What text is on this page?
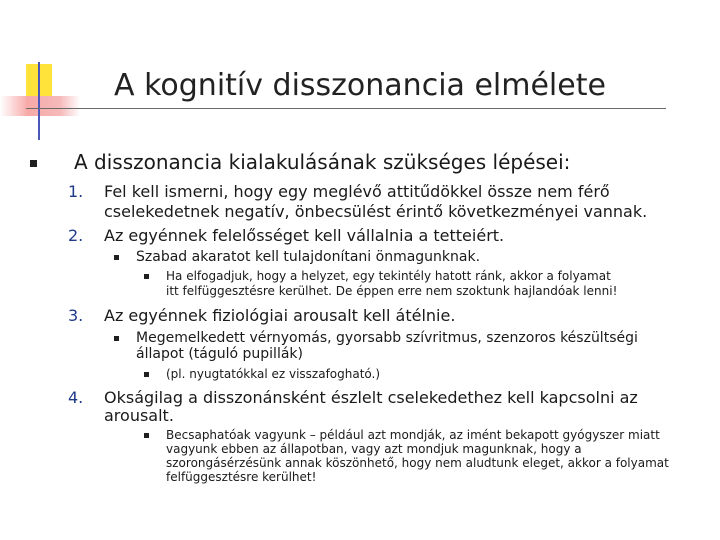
A kognitív disszonancia elmélete
A disszonancia kialakulásának szükséges lépései:
1. Fel kell ismerni, hogy egy meglévő attitűdökkel össze nem férő
cselekedetnek negatív, önbecsülést érintő következményei vannak.
2. Az egyénnek felelősséget kell vállalnia a tetteiért.
Szabad akaratot kell tulajdonítani önmagunknak.
Ha elfogadjuk, hogy a helyzet, egy tekintély hatott ránk, akkor a folyamat
itt felfüggesztésre kerülhet. De éppen erre nem szoktunk hajlandóak lenni!
3. Az egyénnek fiziológiai arousalt kell átélnie.
Megemelkedett vérnyomás, gyorsabb szívritmus, szenzoros készültségi
állapot (táguló pupillák)
(pl. nyugtatókkal ez visszafogható.)
4. Okságilag a disszonánsként észlelt cselekedethez kell kapcsolni az
arousalt.
Becsaphatóak vagyunk – például azt mondják, az imént bekapott gyógyszer miatt
vagyunk ebben az állapotban, vagy azt mondjuk magunknak, hogy a
szorongásérzésünk annak köszönhető, hogy nem aludtunk eleget, akkor a folyamat
felfüggesztésre kerülhet!
